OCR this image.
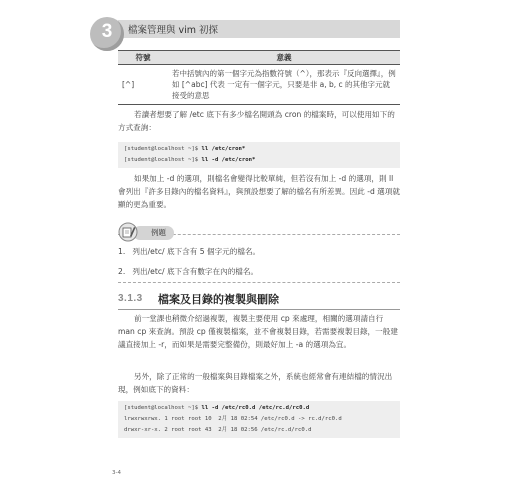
3	檔案管理與 vim 初探
符號	意義
[^]	若中括號內的第一個字元為指數符號（^），那表示『反向選擇』，例如 [^abc] 代表 一定有一個字元，只要是非 a, b, c 的其他字元就接受的意思
若讀者想要了解 /etc 底下有多少檔名開頭為 cron 的檔案時，可以使用如下的方式查詢：
[student@localhost ~]$ ll /etc/cron*
[student@localhost ~]$ ll -d /etc/cron*
如果加上 -d 的選項，則檔名會變得比較單純，但若沒有加上 -d 的選項，則 ll 會列出『許多目錄內的檔名資料』，與預設想要了解的檔名有所差異。因此 -d 選項就顯的更為重要。
例題
1. 列出/etc/ 底下含有 5 個字元的檔名。
2. 列出/etc/ 底下含有數字在內的檔名。
3.1.3 檔案及目錄的複製與刪除
前一堂課也稍微介紹過複製，複製主要使用 cp 來處理，相關的選項請自行 man cp 來查詢。預設 cp 僅複製檔案，並不會複製目錄，若需要複製目錄，一般建議直接加上 -r，而如果是需要完整備份，則最好加上 -a 的選項為宜。
另外，除了正常的一般檔案與目錄檔案之外，系統也經常會有連結檔的情況出現，例如底下的資料：
[student@localhost ~]$ ll -d /etc/rc0.d /etc/rc.d/rc0.d
lrwxrwxrwx. 1 root root 10  2月 18 02:54 /etc/rc0.d -> rc.d/rc0.d
drwxr-xr-x. 2 root root 43  2月 18 02:56 /etc/rc.d/rc0.d
3-4
